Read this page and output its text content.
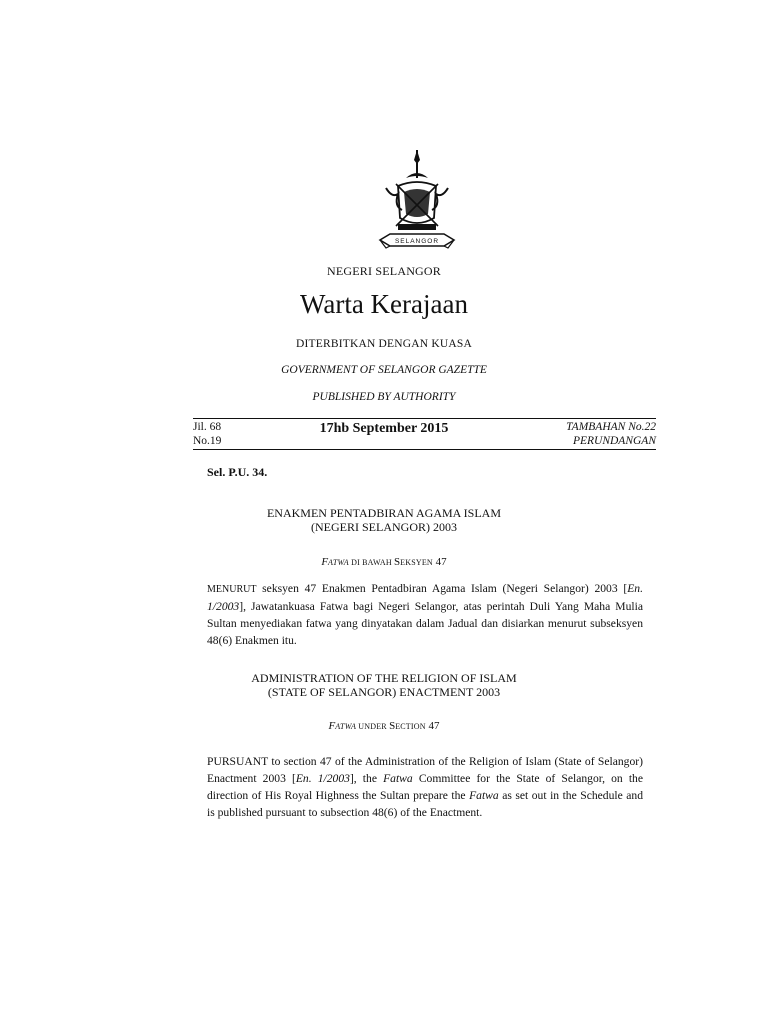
SELANGOR
NEGERI SELANGOR
Warta Kerajaan
DITERBITKAN DENGAN KUASA
GOVERNMENT OF SELANGOR GAZETTE
PUBLISHED BY AUTHORITY
Jil. 68
No.19
17hb September 2015	TAMBAHAN No.22
PERUNDANGAN
Sel. P.U. 34.
ENAKMEN PENTADBIRAN AGAMA ISLAM
(NEGERI SELANGOR) 2003
FATWA DI BAWAH SEKSYEN 47
MENURUT seksyen 47 Enakmen Pentadbiran Agama Islam (Negeri Selangor) 2003 [En. 1/2003], Jawatankuasa Fatwa bagi Negeri Selangor, atas perintah Duli Yang Maha Mulia Sultan menyediakan fatwa yang dinyatakan dalam Jadual dan disiarkan menurut subseksyen 48(6) Enakmen itu.
ADMINISTRATION OF THE RELIGION OF ISLAM
(STATE OF SELANGOR) ENACTMENT 2003
FATWA UNDER SECTION 47
PURSUANT to section 47 of the Administration of the Religion of Islam (State of Selangor) Enactment 2003 [En. 1/2003], the Fatwa Committee for the State of Selangor, on the direction of His Royal Highness the Sultan prepare the Fatwa as set out in the Schedule and is published pursuant to subsection 48(6) of the Enactment.
